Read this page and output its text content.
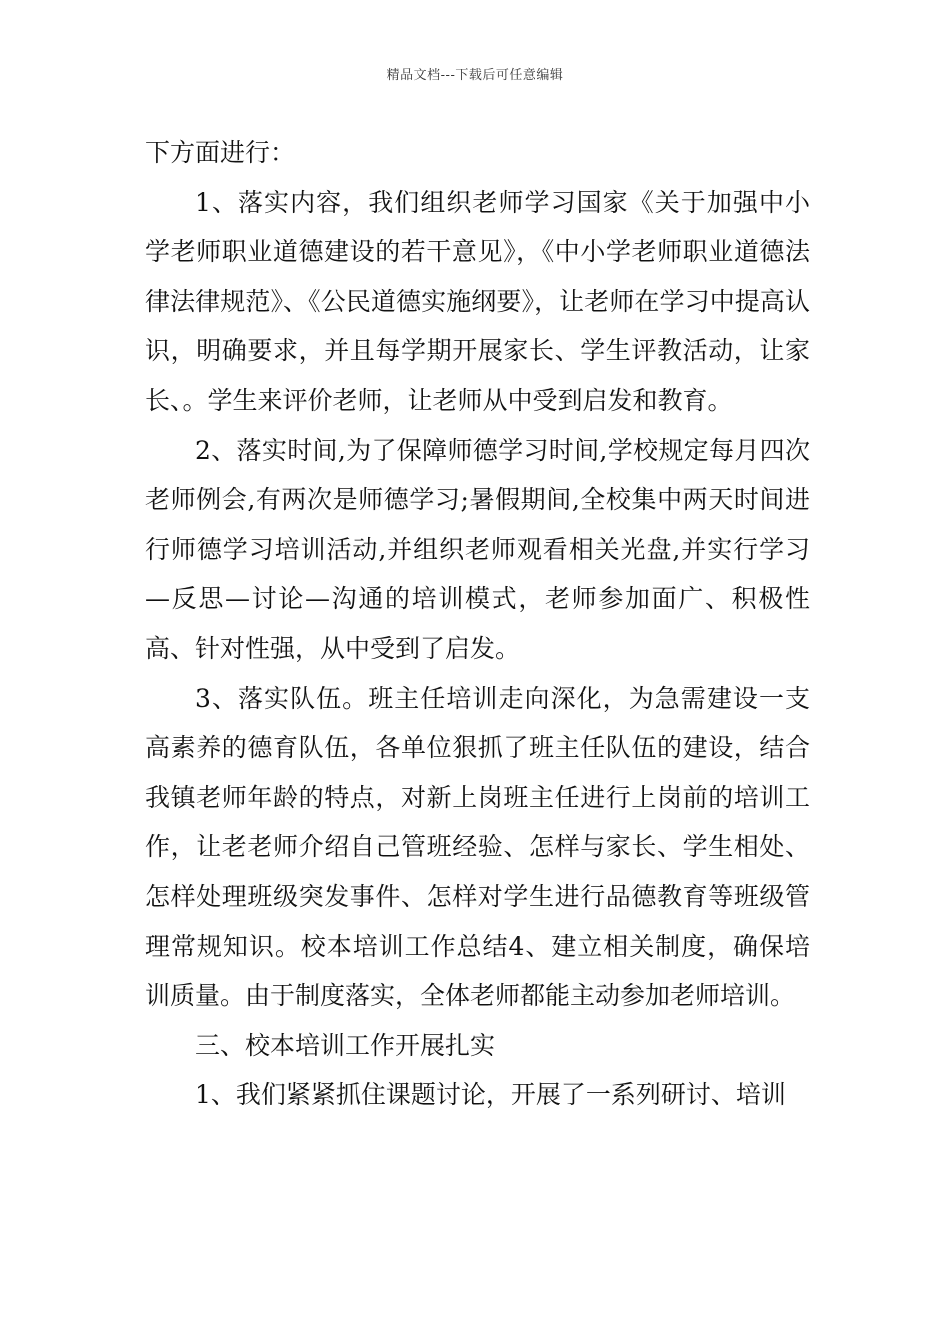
精品文档---下载后可任意编辑

下方面进行：

1、落实内容，我们组织老师学习国家《关于加强中小学老师职业道德建设的若干意见》，《中小学老师职业道德法律法律规范》、《公民道德实施纲要》，让老师在学习中提高认识，明确要求，并且每学期开展家长、学生评教活动，让家长、。学生来评价老师，让老师从中受到启发和教育。

2、落实时间,为了保障师德学习时间,学校规定每月四次老师例会,有两次是师德学习;暑假期间,全校集中两天时间进行师德学习培训活动,并组织老师观看相关光盘,并实行学习—反思—讨论—沟通的培训模式，老师参加面广、积极性高、针对性强，从中受到了启发。

3、落实队伍。班主任培训走向深化，为急需建设一支高素养的德育队伍，各单位狠抓了班主任队伍的建设，结合我镇老师年龄的特点，对新上岗班主任进行上岗前的培训工作，让老老师介绍自己管班经验、怎样与家长、学生相处、怎样处理班级突发事件、怎样对学生进行品德教育等班级管理常规知识。校本培训工作总结4、建立相关制度，确保培训质量。由于制度落实，全体老师都能主动参加老师培训。

三、校本培训工作开展扎实

1、我们紧紧抓住课题讨论，开展了一系列研讨、培训
